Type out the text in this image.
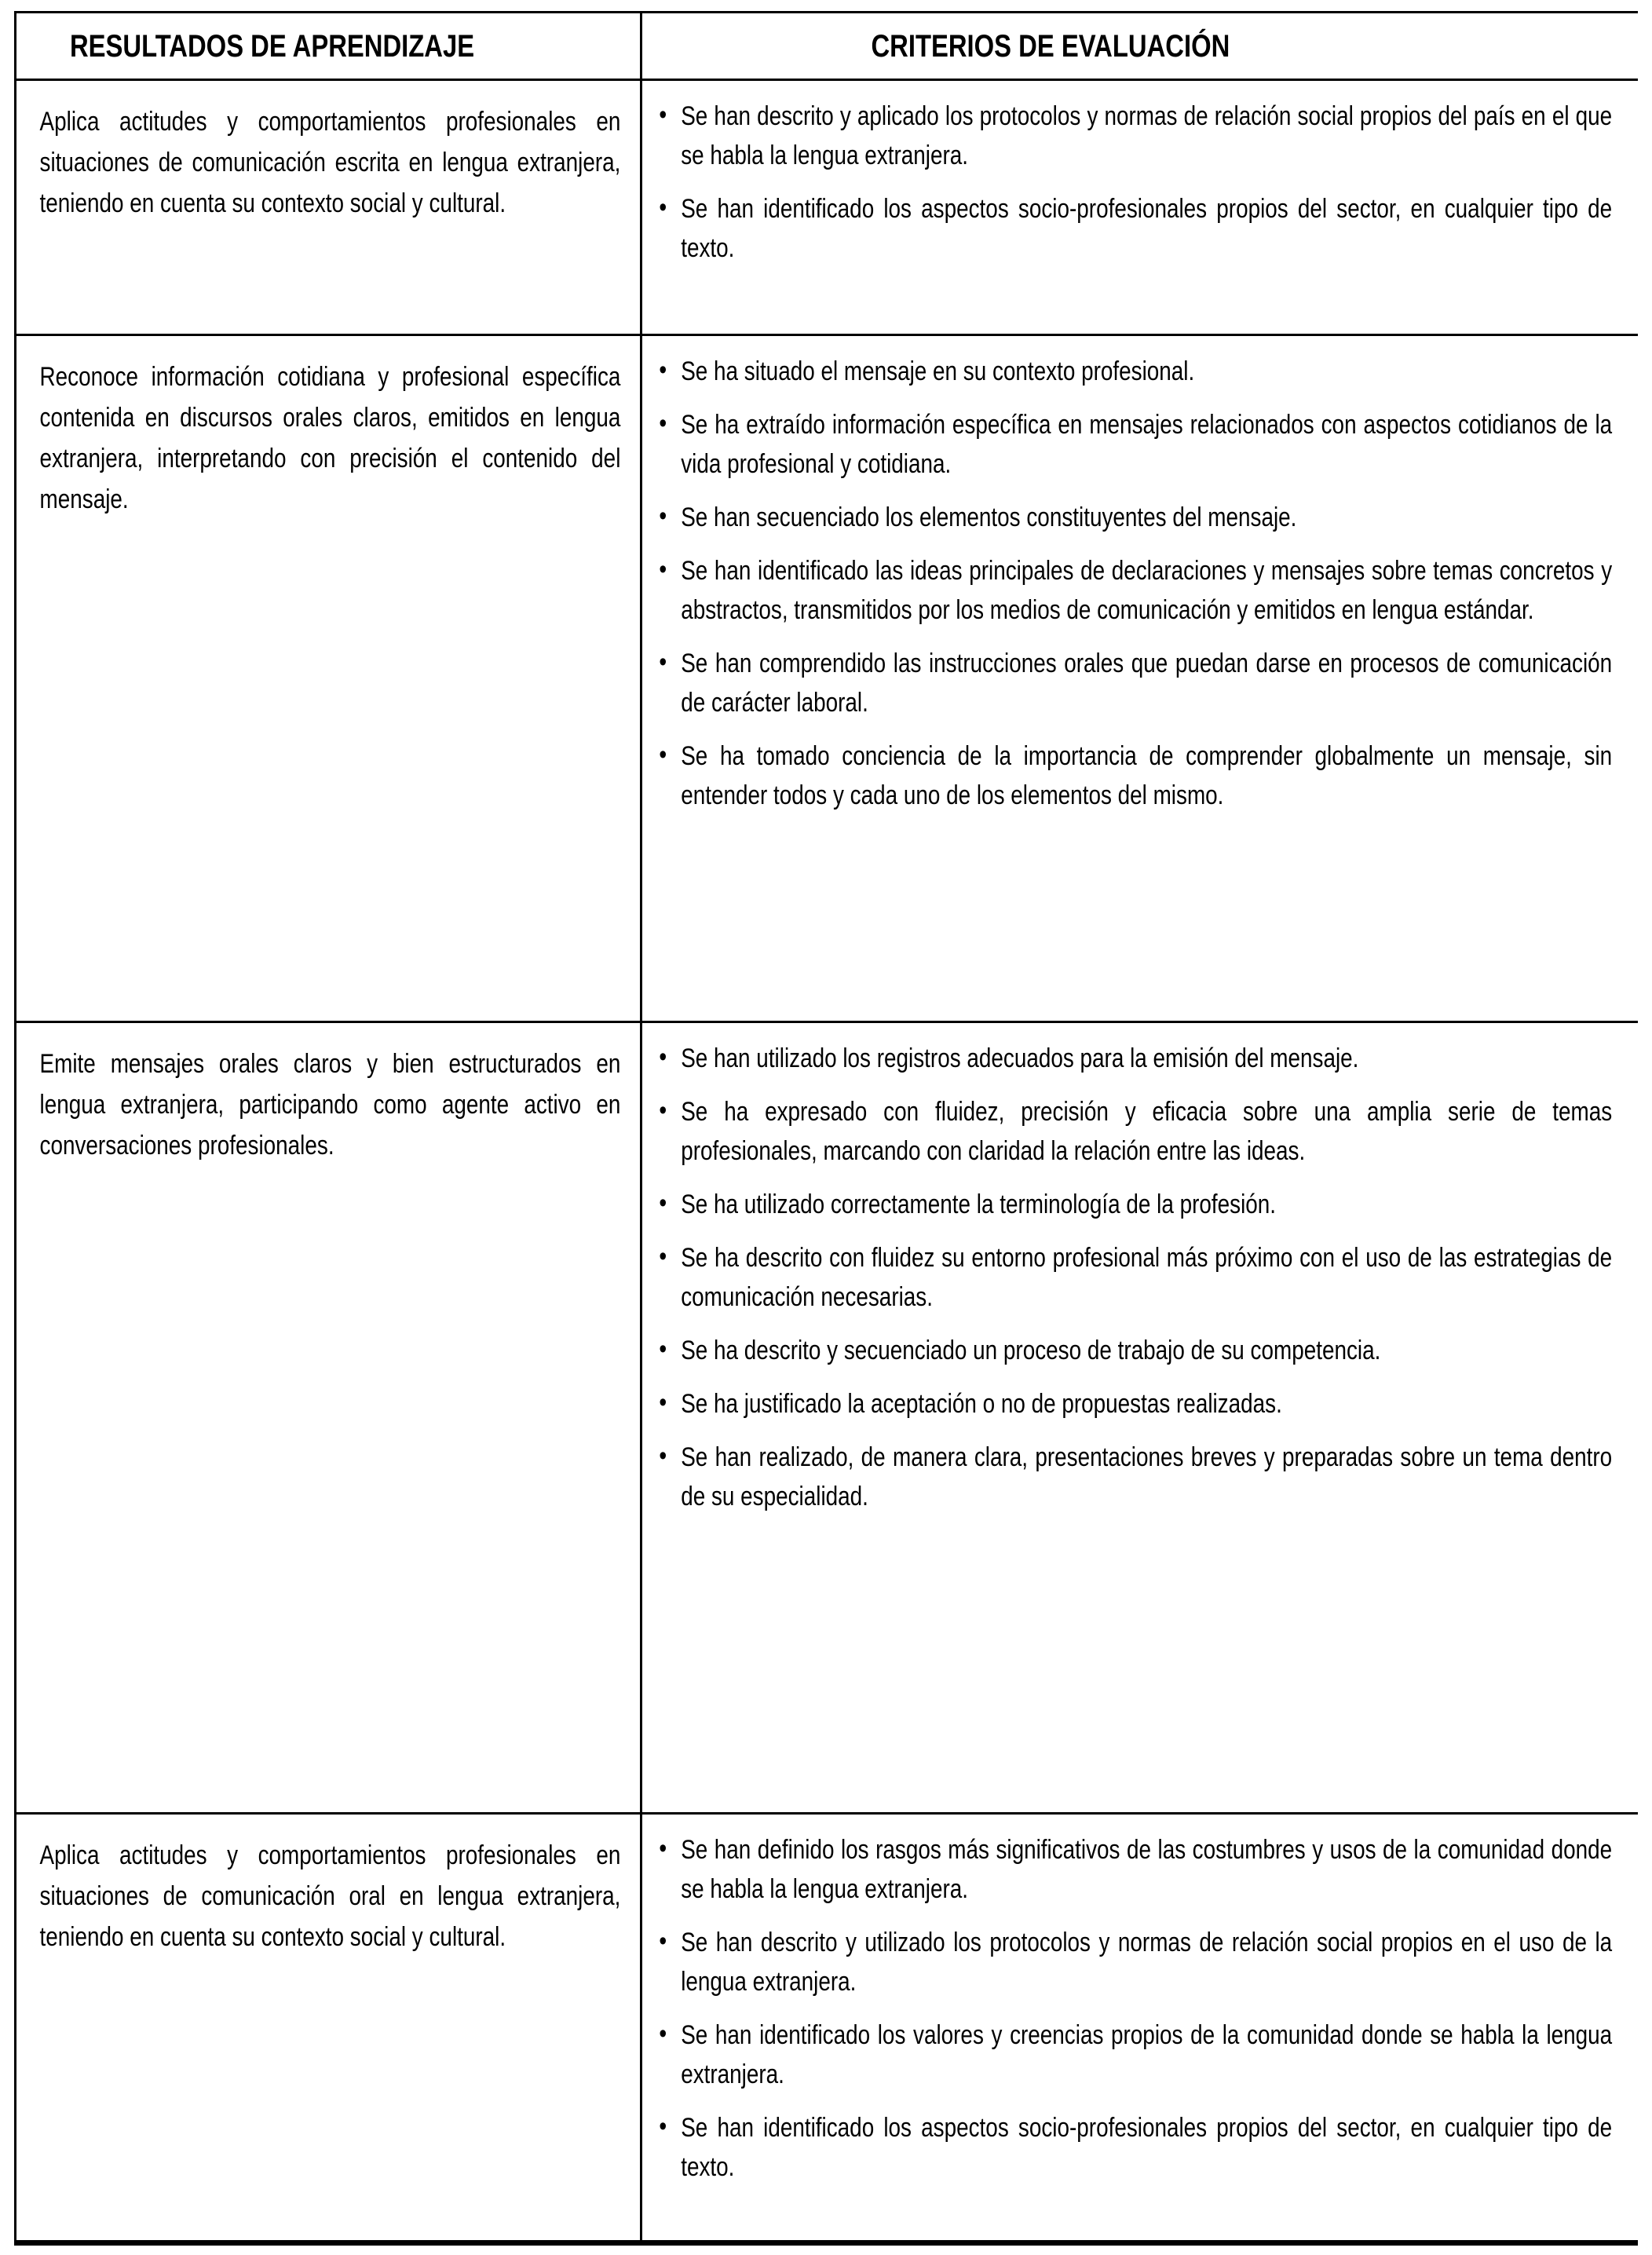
RESULTADOS DE APRENDIZAJE	CRITERIOS DE EVALUACIÓN
Aplica actitudes y comportamientos profesionales en situaciones de comunicación escrita en lengua extranjera, teniendo en cuenta su contexto social y cultural.
• Se han descrito y aplicado los protocolos y normas de relación social propios del país en el que se habla la lengua extranjera.
• Se han identificado los aspectos socio-profesionales propios del sector, en cualquier tipo de texto.
Reconoce información cotidiana y profesional específica contenida en discursos orales claros, emitidos en lengua extranjera, interpretando con precisión el contenido del mensaje.
• Se ha situado el mensaje en su contexto profesional.
• Se ha extraído información específica en mensajes relacionados con aspectos cotidianos de la vida profesional y cotidiana.
• Se han secuenciado los elementos constituyentes del mensaje.
• Se han identificado las ideas principales de declaraciones y mensajes sobre temas concretos y abstractos, transmitidos por los medios de comunicación y emitidos en lengua estándar.
• Se han comprendido las instrucciones orales que puedan darse en procesos de comunicación de carácter laboral.
• Se ha tomado conciencia de la importancia de comprender globalmente un mensaje, sin entender todos y cada uno de los elementos del mismo.
Emite mensajes orales claros y bien estructurados en lengua extranjera, participando como agente activo en conversaciones profesionales.
• Se han utilizado los registros adecuados para la emisión del mensaje.
• Se ha expresado con fluidez, precisión y eficacia sobre una amplia serie de temas profesionales, marcando con claridad la relación entre las ideas.
• Se ha utilizado correctamente la terminología de la profesión.
• Se ha descrito con fluidez su entorno profesional más próximo con el uso de las estrategias de comunicación necesarias.
• Se ha descrito y secuenciado un proceso de trabajo de su competencia.
• Se ha justificado la aceptación o no de propuestas realizadas.
• Se han realizado, de manera clara, presentaciones breves y preparadas sobre un tema dentro de su especialidad.
Aplica actitudes y comportamientos profesionales en situaciones de comunicación oral en lengua extranjera, teniendo en cuenta su contexto social y cultural.
• Se han definido los rasgos más significativos de las costumbres y usos de la comunidad donde se habla la lengua extranjera.
• Se han descrito y utilizado los protocolos y normas de relación social propios en el uso de la lengua extranjera.
• Se han identificado los valores y creencias propios de la comunidad donde se habla la lengua extranjera.
• Se han identificado los aspectos socio-profesionales propios del sector, en cualquier tipo de texto.
